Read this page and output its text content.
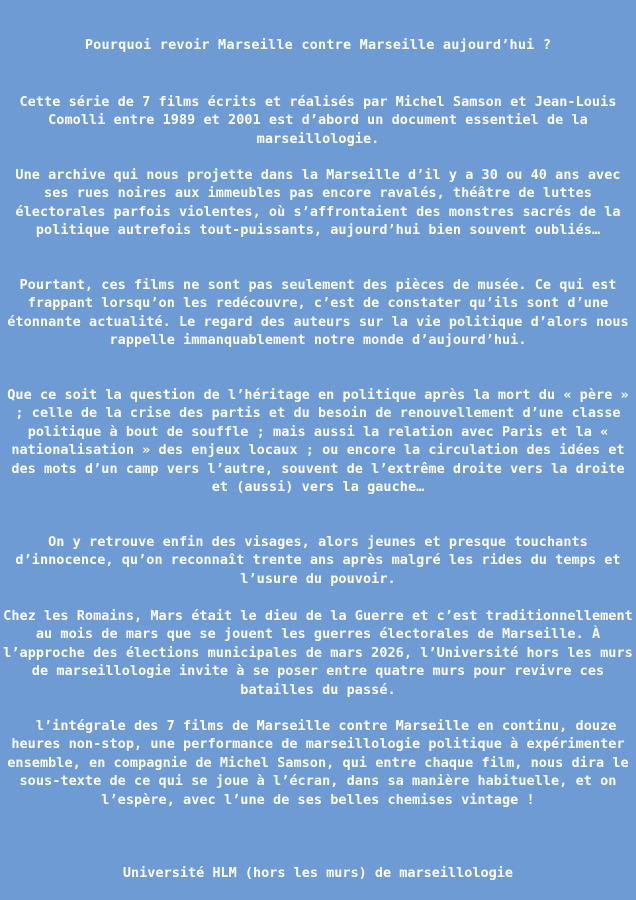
Pourquoi revoir Marseille contre Marseille aujourd’hui ?

Cette série de 7 films écrits et réalisés par Michel Samson et Jean-Louis Comolli entre 1989 et 2001 est d’abord un document essentiel de la marseillologie.

Une archive qui nous projette dans la Marseille d’il y a 30 ou 40 ans avec ses rues noires aux immeubles pas encore ravalés, théâtre de luttes électorales parfois violentes, où s’affrontaient des monstres sacrés de la politique autrefois tout-puissants, aujourd’hui bien souvent oubliés…

Pourtant, ces films ne sont pas seulement des pièces de musée. Ce qui est frappant lorsqu’on les redécouvre, c’est de constater qu’ils sont d’une étonnante actualité. Le regard des auteurs sur la vie politique d’alors nous rappelle immanquablement notre monde d’aujourd’hui.

Que ce soit la question de l’héritage en politique après la mort du « père » ; celle de la crise des partis et du besoin de renouvellement d’une classe politique à bout de souffle ; mais aussi la relation avec Paris et la « nationalisation » des enjeux locaux ; ou encore la circulation des idées et des mots d’un camp vers l’autre, souvent de l’extrême droite vers la droite et (aussi) vers la gauche…

On y retrouve enfin des visages, alors jeunes et presque touchants d’innocence, qu’on reconnaît trente ans après malgré les rides du temps et l’usure du pouvoir.

Chez les Romains, Mars était le dieu de la Guerre et c’est traditionnellement au mois de mars que se jouent les guerres électorales de Marseille. À l’approche des élections municipales de mars 2026, l’Université hors les murs de marseillologie invite à se poser entre quatre murs pour revivre ces batailles du passé.

l’intégrale des 7 films de Marseille contre Marseille en continu, douze heures non-stop, une performance de marseillologie politique à expérimenter ensemble, en compagnie de Michel Samson, qui entre chaque film, nous dira le sous-texte de ce qui se joue à l’écran, dans sa manière habituelle, et on l’espère, avec l’une de ses belles chemises vintage !

Université HLM (hors les murs) de marseillologie
